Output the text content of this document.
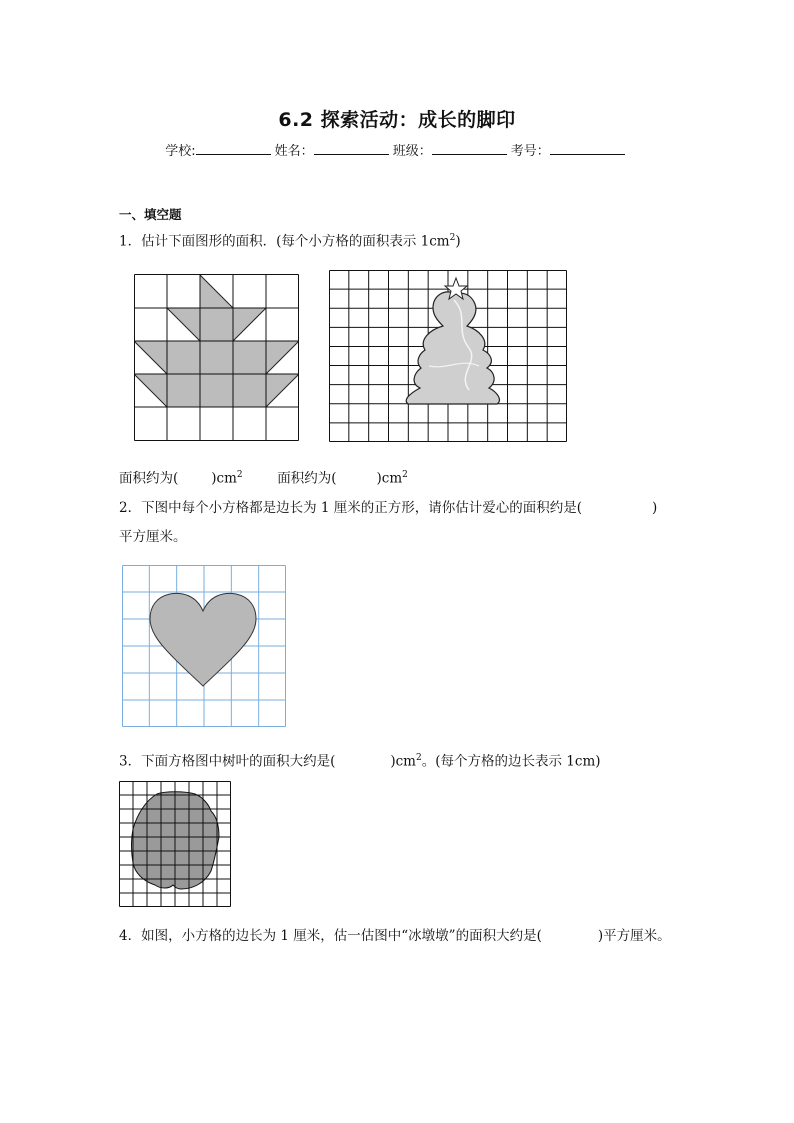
6.2 探索活动：成长的脚印
学校:	姓名：	班级：	考号：
一、填空题
1．估计下面图形的面积．(每个小方格的面积表示 $1cm^2$)
面积约为( )$cm^2$	面积约为(	)$cm^2$
2．下图中每个小方格都是边长为 1 厘米的正方形，请你估计爱心的面积约是(	)
平方厘米。
3．下面方格图中树叶的面积大约是(	)$cm^2$。(每个方格的边长表示 1cm)
4．如图，小方格的边长为 1 厘米，估一估图中“冰墩墩”的面积大约是(	)平方厘米。
